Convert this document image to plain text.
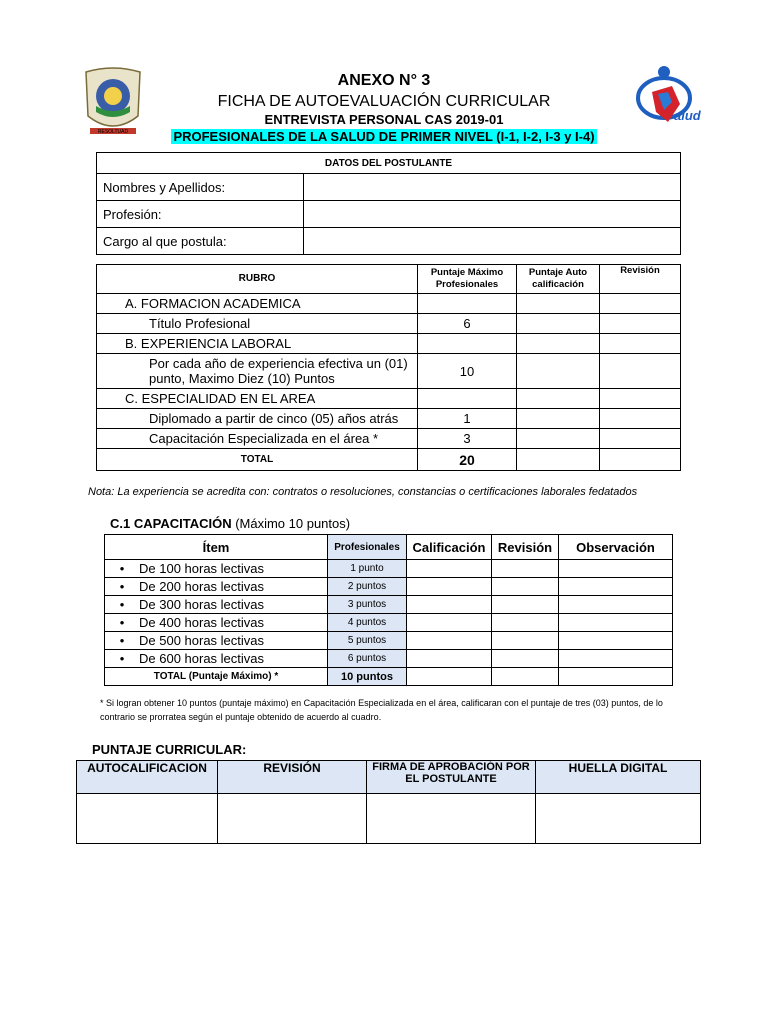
RESOLTUAD
alud
ANEXO N° 3
FICHA DE AUTOEVALUACIÓN CURRICULAR
ENTREVISTA PERSONAL CAS 2019-01
PROFESIONALES DE LA SALUD DE PRIMER NIVEL (I-1, I-2, I-3 y I-4)
DATOS DEL POSTULANTE	
Nombres y Apellidos:	
Profesión:	
Cargo al que postula:	
RUBRO	Puntaje Máximo Profesionales	Puntaje Auto calificación	Revisión
A. FORMACION ACADEMICA			
Título Profesional	6		
B. EXPERIENCIA LABORAL			
Por cada año de experiencia efectiva un (01) punto, Maximo Diez (10) Puntos	10		
C. ESPECIALIDAD EN EL AREA			
Diplomado a partir de cinco (05) años atrás	1		
Capacitación Especializada en el área *	3		
TOTAL	20		
Nota: La experiencia se acredita con: contratos o resoluciones, constancias o certificaciones laborales fedatados
C.1 CAPACITACIÓN (Máximo 10 puntos)
Ítem	Profesionales	Calificación	Revisión	Observación
• De 100 horas lectivas	1 punto			
• De 200 horas lectivas	2 puntos			
• De 300 horas lectivas	3 puntos			
• De 400 horas lectivas	4 puntos			
• De 500 horas lectivas	5 puntos			
• De 600 horas lectivas	6 puntos			
TOTAL (Puntaje Máximo) *	10 puntos			
* Si logran obtener 10 puntos (puntaje máximo) en Capacitación Especializada en el área, calificaran con el puntaje de tres (03) puntos, de lo contrario se prorratea según el puntaje obtenido de acuerdo al cuadro.
PUNTAJE CURRICULAR:
AUTOCALIFICACION	REVISIÓN	FIRMA DE APROBACIÓN POR EL POSTULANTE	HUELLA DIGITAL
